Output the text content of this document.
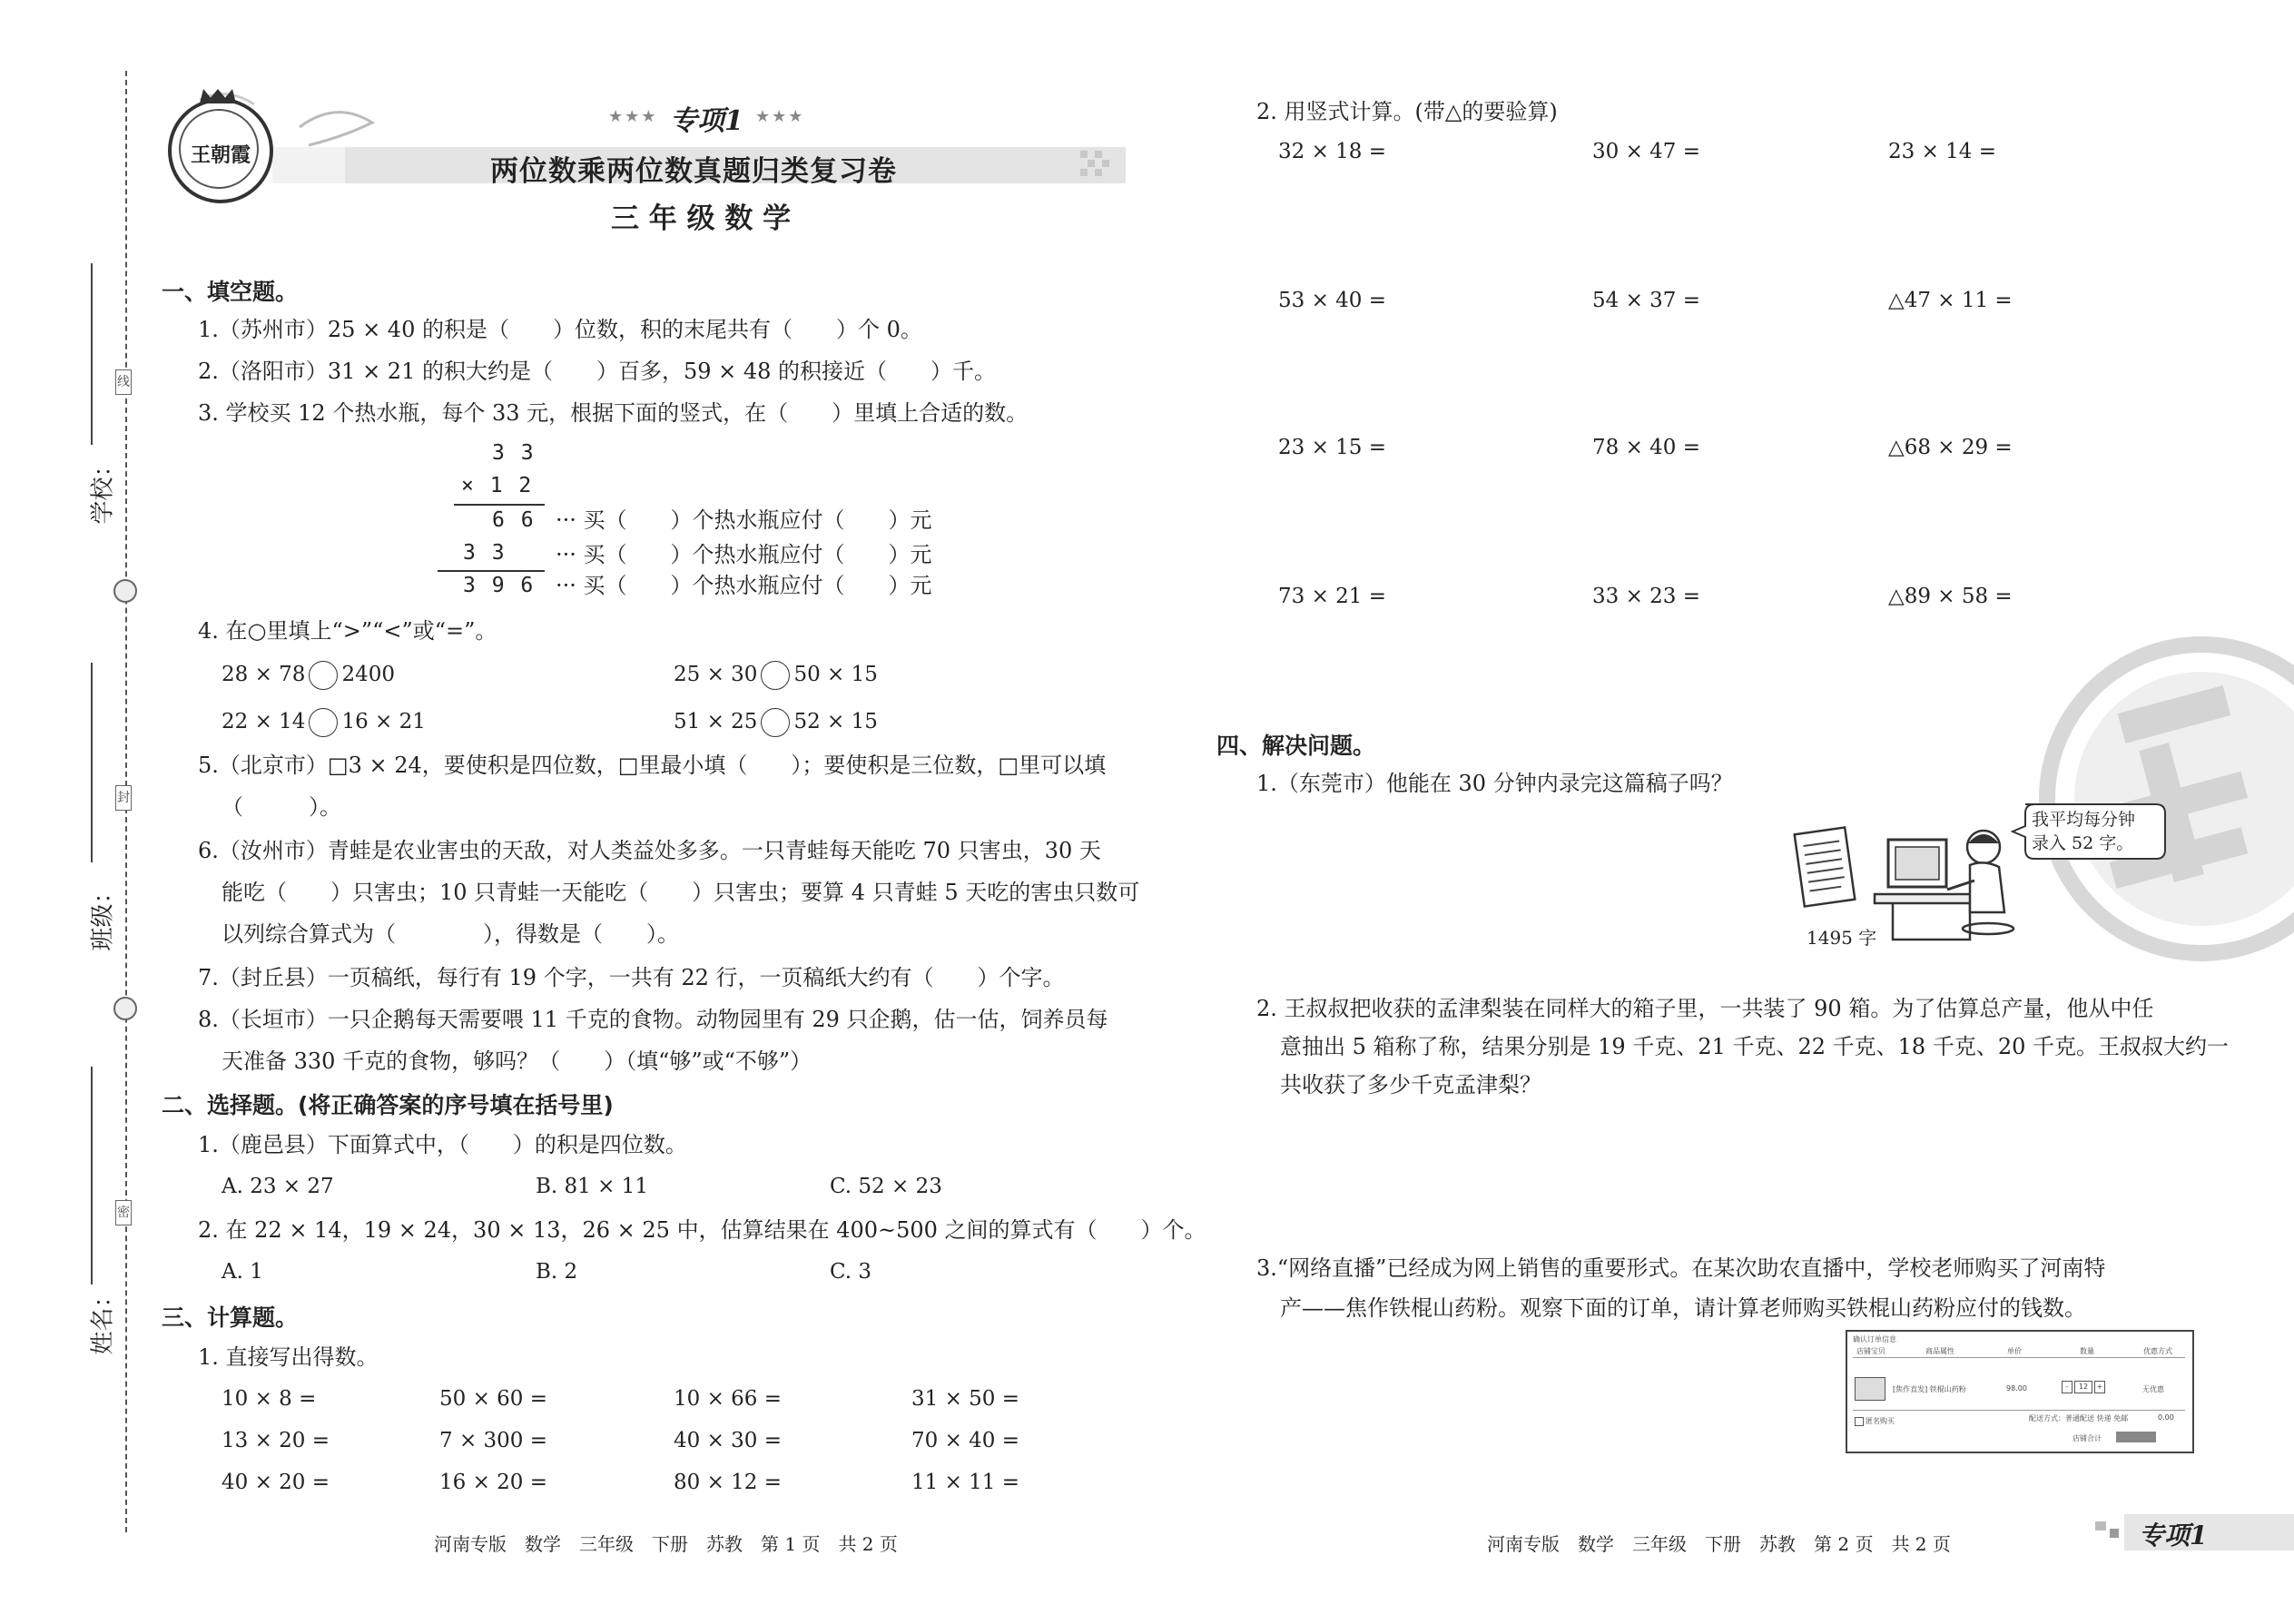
学校：
班级：
姓名：
线
封
密
王朝霞
★★★ 专项1 ★★★
两位数乘两位数真题归类复习卷
三 年 级 数 学
一、填空题。
1.（苏州市）25 × 40 的积是（　　）位数，积的末尾共有（　　）个 0。
2.（洛阳市）31 × 21 的积大约是（　　）百多，59 × 48 的积接近（　　）千。
3. 学校买 12 个热水瓶，每个 33 元，根据下面的竖式，在（　　）里填上合适的数。
3 3
× 1 2
6 6 ··· 买（　　）个热水瓶应付（　　）元
3 3 ··· 买（　　）个热水瓶应付（　　）元
3 9 6 ··· 买（　　）个热水瓶应付（　　）元
4. 在○里填上“>”“<”或“=”。
28 × 78 2400	25 × 30 50 × 15
22 × 14 16 × 21	51 × 25 52 × 15
5.（北京市）□3 × 24，要使积是四位数，□里最小填（　　）；要使积是三位数，□里可以填
（　　　）。
6.（汝州市）青蛙是农业害虫的天敌，对人类益处多多。一只青蛙每天能吃 70 只害虫，30 天
能吃（　　）只害虫；10 只青蛙一天能吃（　　）只害虫；要算 4 只青蛙 5 天吃的害虫只数可
以列综合算式为（　　　　），得数是（　　）。
7.（封丘县）一页稿纸，每行有 19 个字，一共有 22 行，一页稿纸大约有（　　）个字。
8.（长垣市）一只企鹅每天需要喂 11 千克的食物。动物园里有 29 只企鹅，估一估，饲养员每
天准备 330 千克的食物，够吗？（　　）（填“够”或“不够”）
二、选择题。(将正确答案的序号填在括号里)
1.（鹿邑县）下面算式中，（　　）的积是四位数。
A. 23 × 27	B. 81 × 11	C. 52 × 23
2. 在 22 × 14，19 × 24，30 × 13，26 × 25 中，估算结果在 400~500 之间的算式有（　　）个。
A. 1	B. 2	C. 3
三、计算题。
1. 直接写出得数。
10 × 8 =	50 × 60 =	10 × 66 =	31 × 50 =
13 × 20 =	7 × 300 =	40 × 30 =	70 × 40 =
40 × 20 =	16 × 20 =	80 × 12 =	11 × 11 =
河南专版　数学　三年级　下册　苏教　第 1 页　共 2 页
2. 用竖式计算。(带△的要验算)
32 × 18 =	30 × 47 =	23 × 14 =
53 × 40 =	54 × 37 =	△47 × 11 =
23 × 15 =	78 × 40 =	△68 × 29 =
73 × 21 =	33 × 23 =	△89 × 58 =
四、解决问题。
1.（东莞市）他能在 30 分钟内录完这篇稿子吗？
1495 字
我平均每分钟
录入 52 字。
2. 王叔叔把收获的孟津梨装在同样大的箱子里，一共装了 90 箱。为了估算总产量，他从中任
意抽出 5 箱称了称，结果分别是 19 千克、21 千克、22 千克、18 千克、20 千克。王叔叔大约一
共收获了多少千克孟津梨？
3.“网络直播”已经成为网上销售的重要形式。在某次助农直播中，学校老师购买了河南特
产——焦作铁棍山药粉。观察下面的订单，请计算老师购买铁棍山药粉应付的钱数。
确认订单信息
店铺宝贝	商品属性	单价	数量	优惠方式
[焦作直发] 铁棍山药粉	98.00	-	12	+	无优惠
匿名购买	配送方式：普通配送 快递 免邮	0.00
店铺合计
河南专版　数学　三年级　下册　苏教　第 2 页　共 2 页	专项1
